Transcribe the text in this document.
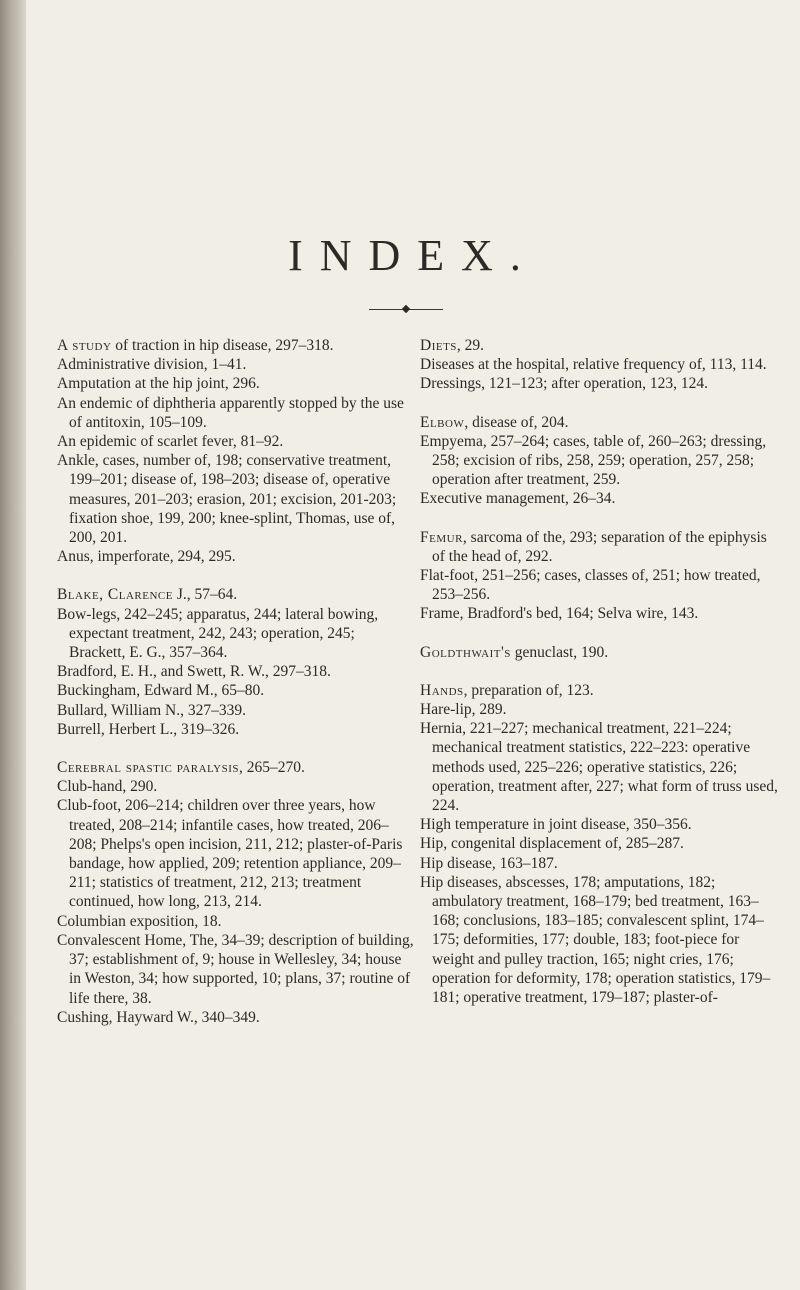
INDEX.

A study of traction in hip disease, 297–318.

Administrative division, 1–41.

Amputation at the hip joint, 296.

An endemic of diphtheria apparently stopped by the use of antitoxin, 105–109.

An epidemic of scarlet fever, 81–92.

Ankle, cases, number of, 198; conservative treatment, 199–201; disease of, 198–203; disease of, operative measures, 201–203; erasion, 201; excision, 201-203; fixation shoe, 199, 200; knee-splint, Thomas, use of, 200, 201.

Anus, imperforate, 294, 295.

Blake, Clarence J., 57–64.

Bow-legs, 242–245; apparatus, 244; lateral bowing, expectant treatment, 242, 243; operation, 245; Brackett, E. G., 357–364.

Bradford, E. H., and Swett, R. W., 297–318.

Buckingham, Edward M., 65–80.

Bullard, William N., 327–339.

Burrell, Herbert L., 319–326.

Cerebral spastic paralysis, 265–270.

Club-hand, 290.

Club-foot, 206–214; children over three years, how treated, 208–214; infantile cases, how treated, 206–208; Phelps's open incision, 211, 212; plaster-of-Paris bandage, how applied, 209; retention appliance, 209–211; statistics of treatment, 212, 213; treatment continued, how long, 213, 214.

Columbian exposition, 18.

Convalescent Home, The, 34–39; description of building, 37; establishment of, 9; house in Wellesley, 34; house in Weston, 34; how supported, 10; plans, 37; routine of life there, 38.

Cushing, Hayward W., 340–349.

Diets, 29.

Diseases at the hospital, relative frequency of, 113, 114.

Dressings, 121–123; after operation, 123, 124.

Elbow, disease of, 204.

Empyema, 257–264; cases, table of, 260–263; dressing, 258; excision of ribs, 258, 259; operation, 257, 258; operation after treatment, 259.

Executive management, 26–34.

Femur, sarcoma of the, 293; separation of the epiphysis of the head of, 292.

Flat-foot, 251–256; cases, classes of, 251; how treated, 253–256.

Frame, Bradford's bed, 164; Selva wire, 143.

Goldthwait's genuclast, 190.

Hands, preparation of, 123.

Hare-lip, 289.

Hernia, 221–227; mechanical treatment, 221–224; mechanical treatment statistics, 222–223: operative methods used, 225–226; operative statistics, 226; operation, treatment after, 227; what form of truss used, 224.

High temperature in joint disease, 350–356.

Hip, congenital displacement of, 285–287.

Hip disease, 163–187.

Hip diseases, abscesses, 178; amputations, 182; ambulatory treatment, 168–179; bed treatment, 163–168; conclusions, 183–185; convalescent splint, 174–175; deformities, 177; double, 183; foot-piece for weight and pulley traction, 165; night cries, 176; operation for deformity, 178; operation statistics, 179–181; operative treatment, 179–187; plaster-of-
